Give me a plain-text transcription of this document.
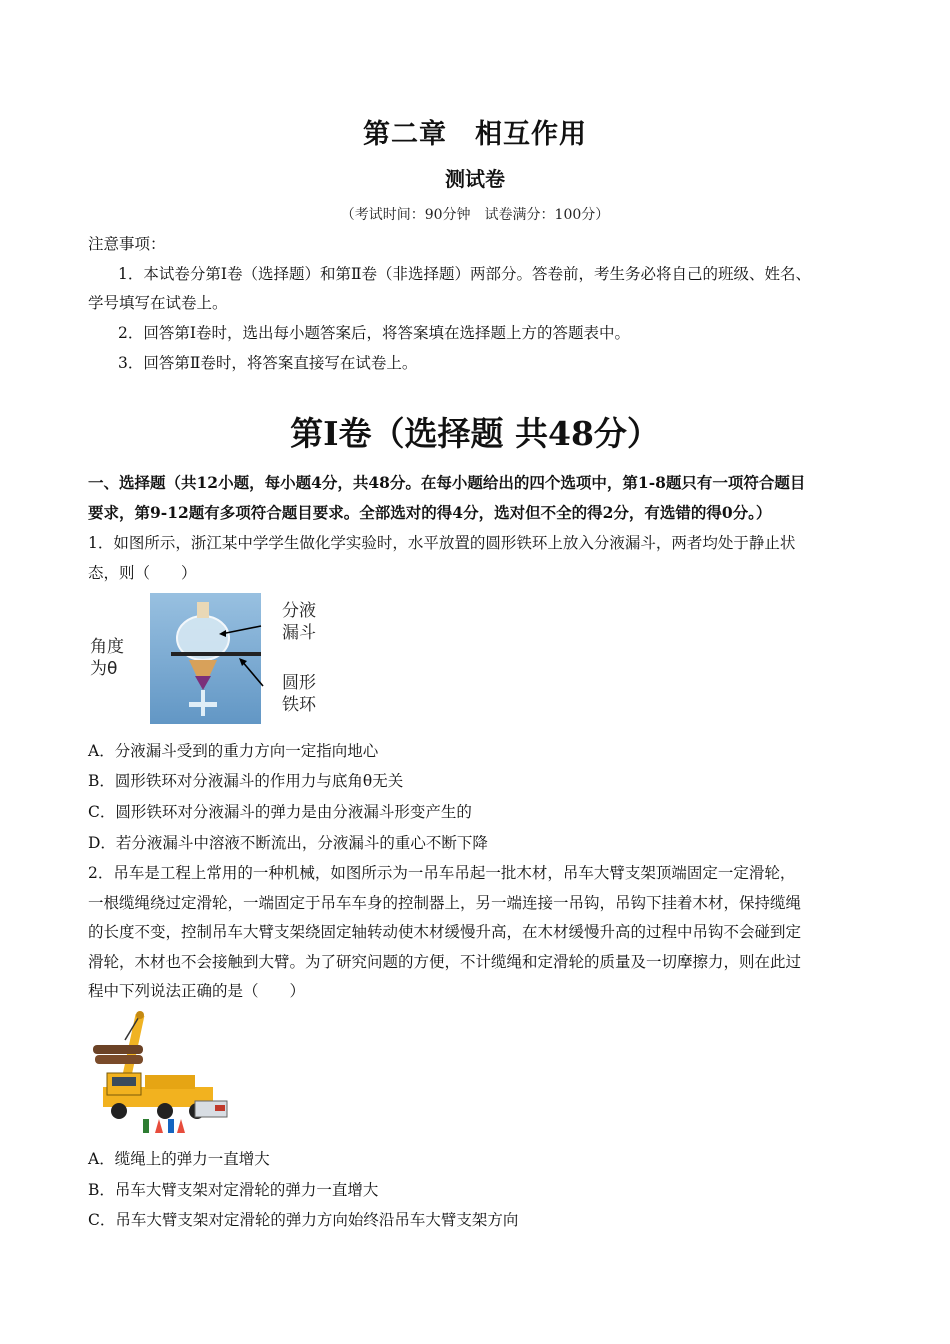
第二章　相互作用
测试卷
（考试时间：90分钟　试卷满分：100分）
注意事项：
1．本试卷分第Ⅰ卷（选择题）和第Ⅱ卷（非选择题）两部分。答卷前，考生务必将自己的班级、姓名、
学号填写在试卷上。
2．回答第Ⅰ卷时，选出每小题答案后，将答案填在选择题上方的答题表中。
3．回答第Ⅱ卷时，将答案直接写在试卷上。
第Ⅰ卷（选择题 共48分）
一、选择题（共12小题，每小题4分，共48分。在每小题给出的四个选项中，第1-8题只有一项符合题目
要求，第9-12题有多项符合题目要求。全部选对的得4分，选对但不全的得2分，有选错的得0分。）
1．如图所示，浙江某中学学生做化学实验时，水平放置的圆形铁环上放入分液漏斗，两者均处于静止状
态，则（　　）
角度
为θ
分液
漏斗
圆形
铁环
A．分液漏斗受到的重力方向一定指向地心
B．圆形铁环对分液漏斗的作用力与底角θ无关
C．圆形铁环对分液漏斗的弹力是由分液漏斗形变产生的
D．若分液漏斗中溶液不断流出，分液漏斗的重心不断下降
2．吊车是工程上常用的一种机械，如图所示为一吊车吊起一批木材，吊车大臂支架顶端固定一定滑轮，
一根缆绳绕过定滑轮，一端固定于吊车车身的控制器上，另一端连接一吊钩，吊钩下挂着木材，保持缆绳
的长度不变，控制吊车大臂支架绕固定轴转动使木材缓慢升高，在木材缓慢升高的过程中吊钩不会碰到定
滑轮，木材也不会接触到大臂。为了研究问题的方便，不计缆绳和定滑轮的质量及一切摩擦力，则在此过
程中下列说法正确的是（　　）
A．缆绳上的弹力一直增大
B．吊车大臂支架对定滑轮的弹力一直增大
C．吊车大臂支架对定滑轮的弹力方向始终沿吊车大臂支架方向
